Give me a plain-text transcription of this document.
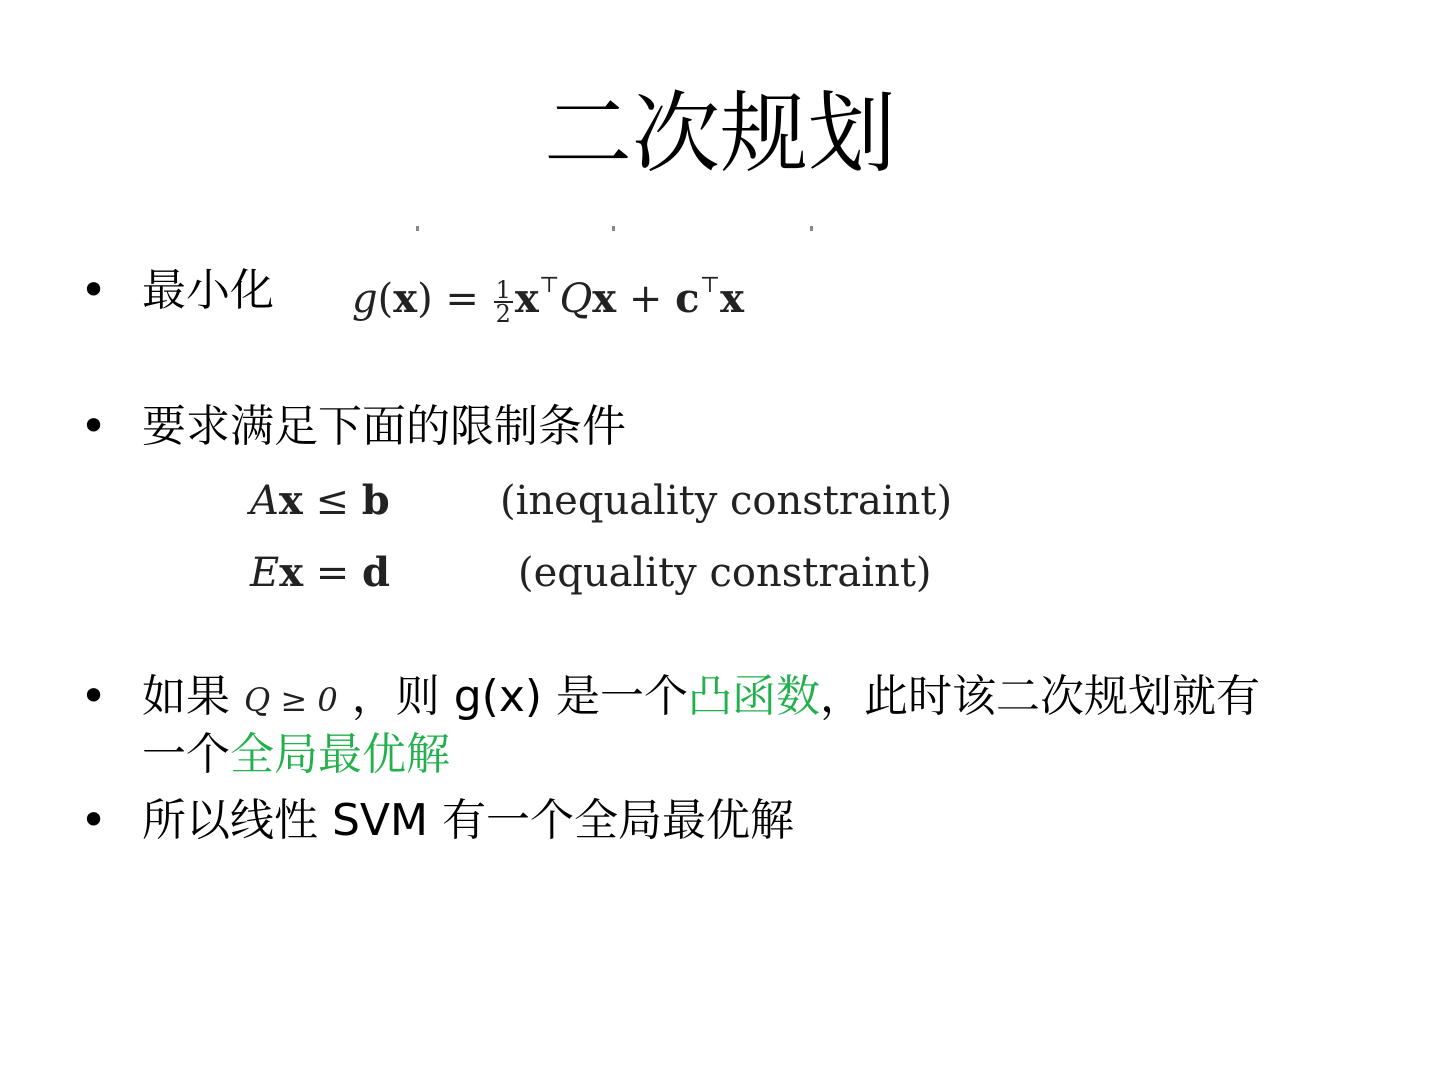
二次规划
• 最小化 $g(x) = \frac{1}{2} x^⊤Qx + c^⊤x$
• 要求满足下面的限制条件
Ax ≤ b	(inequality constraint)
Ex = d	(equality constraint)
• 如果 Q ≥ 0 ，则 g(x) 是一个凸函数，此时该二次规划就有
一个全局最优解
• 所以线性 SVM 有一个全局最优解
